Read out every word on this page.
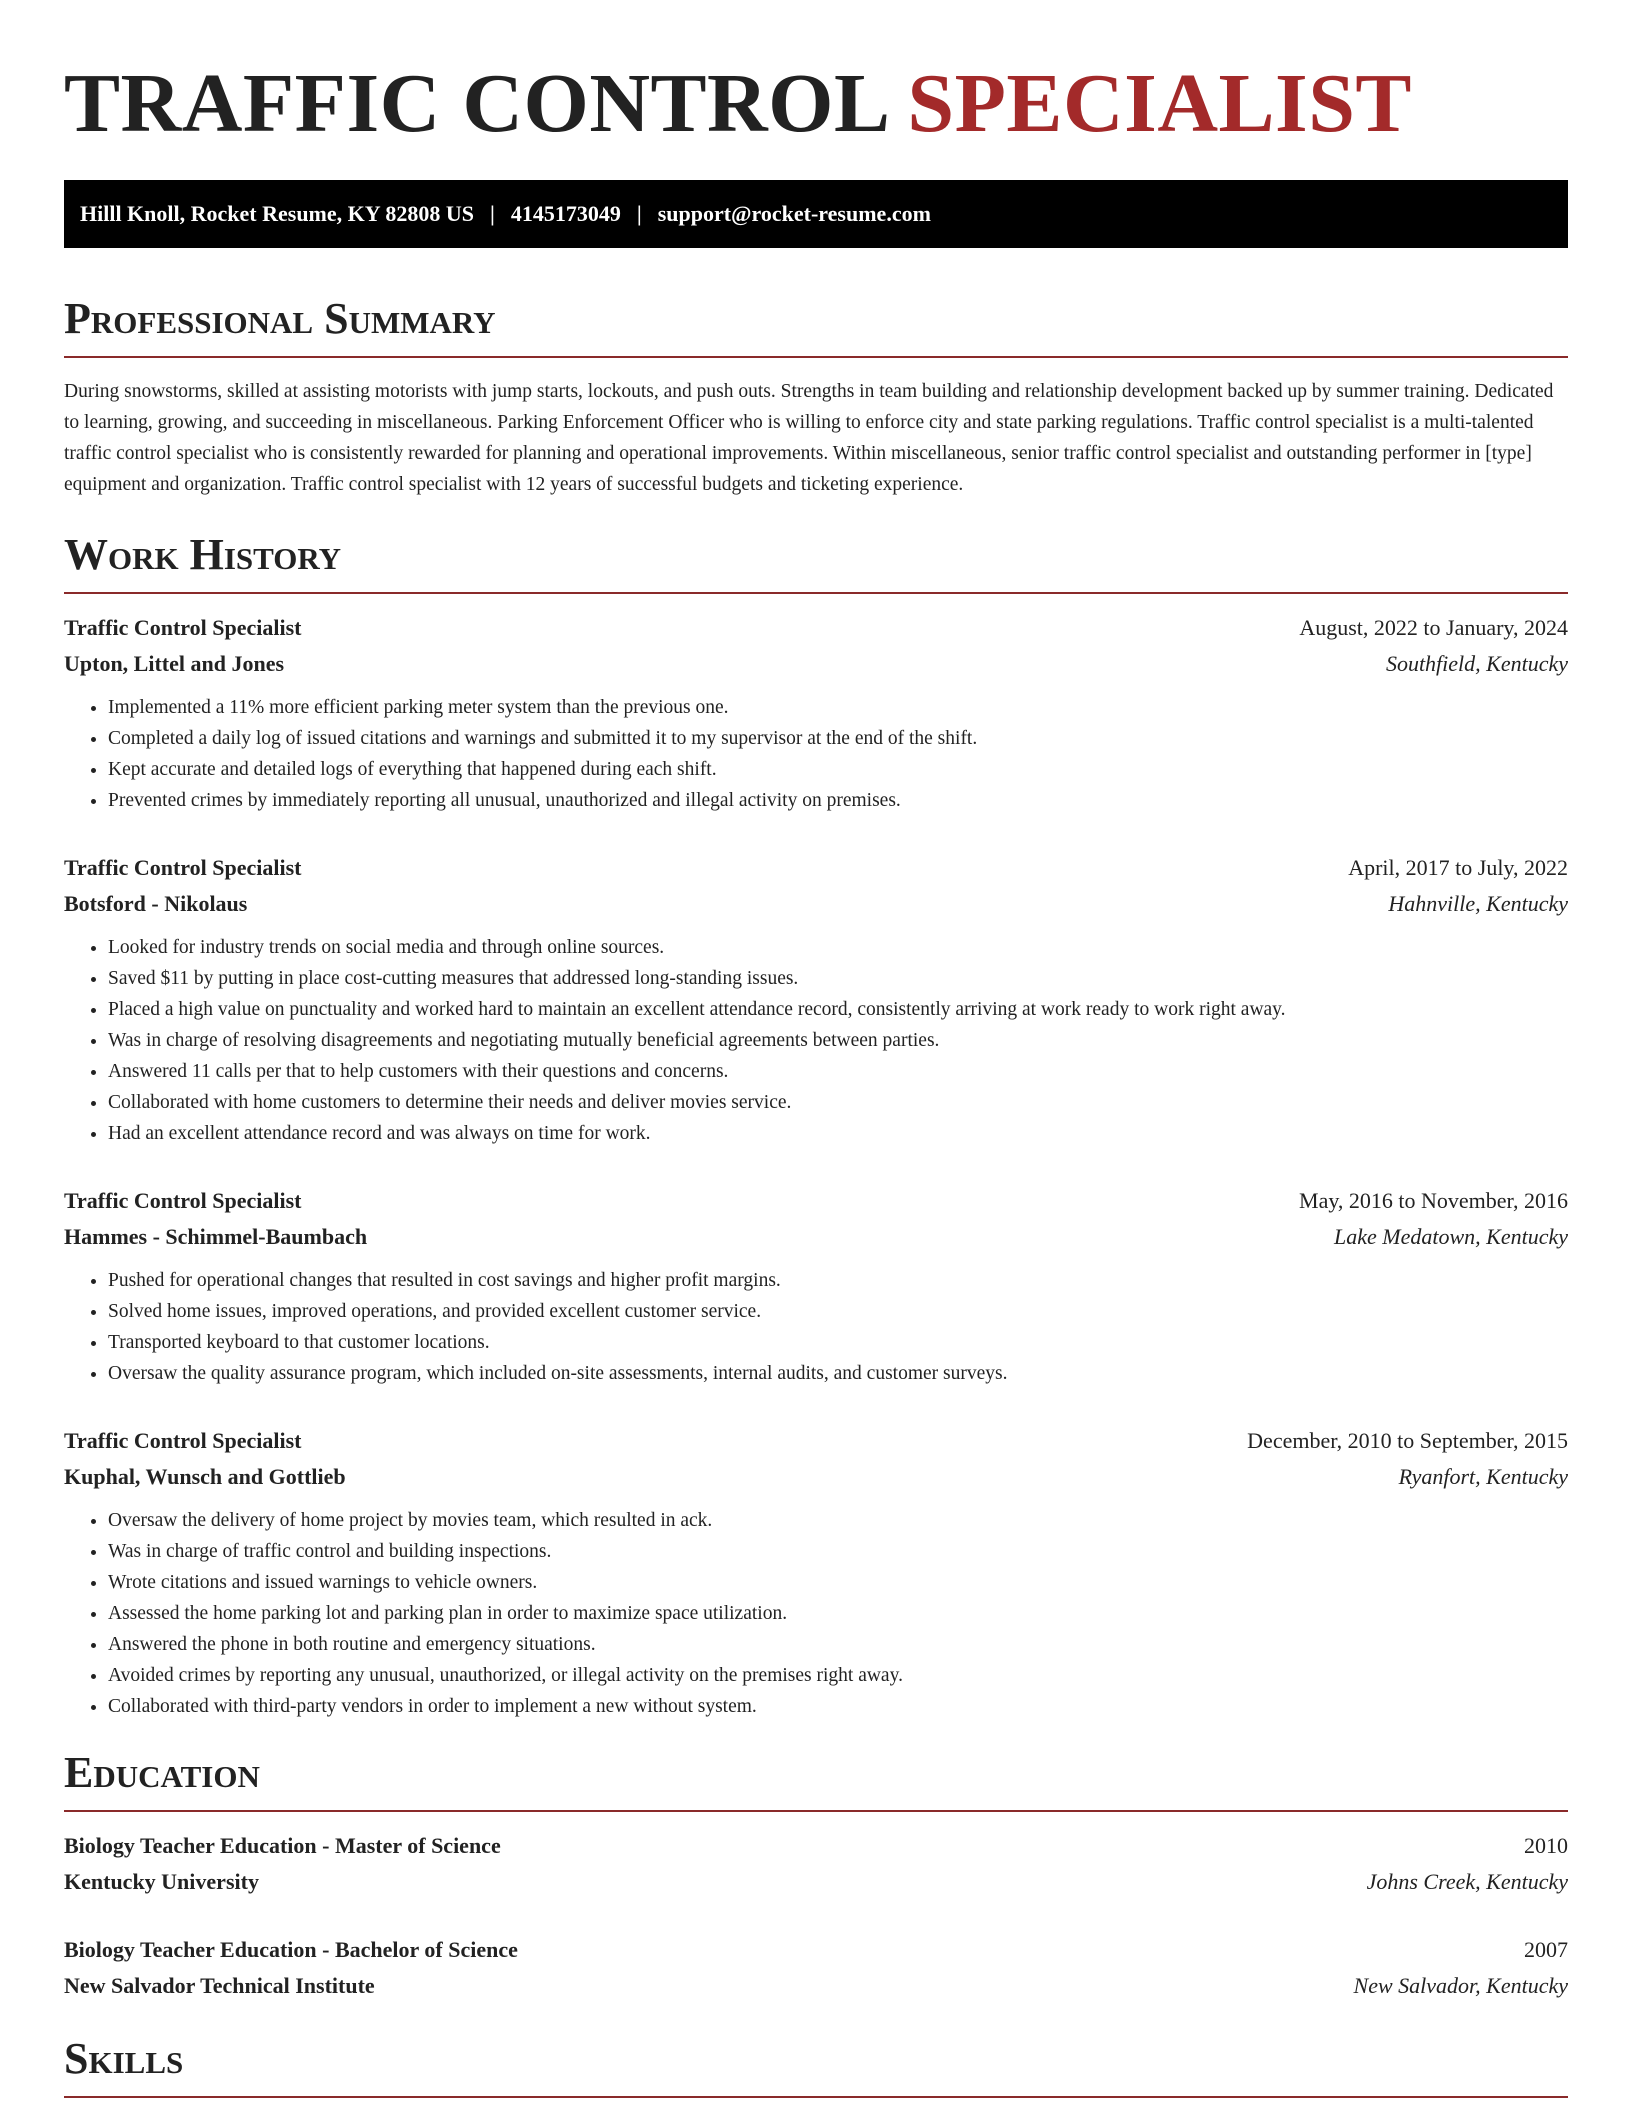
TRAFFIC CONTROL SPECIALIST
Hilll Knoll, Rocket Resume, KY 82808 US | 4145173049 | support@rocket-resume.com
Professional Summary

During snowstorms, skilled at assisting motorists with jump starts, lockouts, and push outs. Strengths in team building and relationship development backed up by summer training. Dedicated to learning, growing, and succeeding in miscellaneous. Parking Enforcement Officer who is willing to enforce city and state parking regulations. Traffic control specialist is a multi-talented traffic control specialist who is consistently rewarded for planning and operational improvements. Within miscellaneous, senior traffic control specialist and outstanding performer in [type] equipment and organization. Traffic control specialist with 12 years of successful budgets and ticketing experience.

Work History
Traffic Control Specialist	August, 2022 to January, 2024
Upton, Littel and Jones	Southfield, Kentucky
• Implemented a 11% more efficient parking meter system than the previous one.
• Completed a daily log of issued citations and warnings and submitted it to my supervisor at the end of the shift.
• Kept accurate and detailed logs of everything that happened during each shift.
• Prevented crimes by immediately reporting all unusual, unauthorized and illegal activity on premises.
Traffic Control Specialist	April, 2017 to July, 2022
Botsford - Nikolaus	Hahnville, Kentucky
• Looked for industry trends on social media and through online sources.
• Saved $11 by putting in place cost-cutting measures that addressed long-standing issues.
• Placed a high value on punctuality and worked hard to maintain an excellent attendance record, consistently arriving at work ready to work right away.
• Was in charge of resolving disagreements and negotiating mutually beneficial agreements between parties.
• Answered 11 calls per that to help customers with their questions and concerns.
• Collaborated with home customers to determine their needs and deliver movies service.
• Had an excellent attendance record and was always on time for work.
Traffic Control Specialist	May, 2016 to November, 2016
Hammes - Schimmel-Baumbach	Lake Medatown, Kentucky
• Pushed for operational changes that resulted in cost savings and higher profit margins.
• Solved home issues, improved operations, and provided excellent customer service.
• Transported keyboard to that customer locations.
• Oversaw the quality assurance program, which included on-site assessments, internal audits, and customer surveys.
Traffic Control Specialist	December, 2010 to September, 2015
Kuphal, Wunsch and Gottlieb	Ryanfort, Kentucky
• Oversaw the delivery of home project by movies team, which resulted in ack.
• Was in charge of traffic control and building inspections.
• Wrote citations and issued warnings to vehicle owners.
• Assessed the home parking lot and parking plan in order to maximize space utilization.
• Answered the phone in both routine and emergency situations.
• Avoided crimes by reporting any unusual, unauthorized, or illegal activity on the premises right away.
• Collaborated with third-party vendors in order to implement a new without system.
Education
Biology Teacher Education - Master of Science	2010
Kentucky University	Johns Creek, Kentucky
Biology Teacher Education - Bachelor of Science	2007
New Salvador Technical Institute	New Salvador, Kentucky
Skills
